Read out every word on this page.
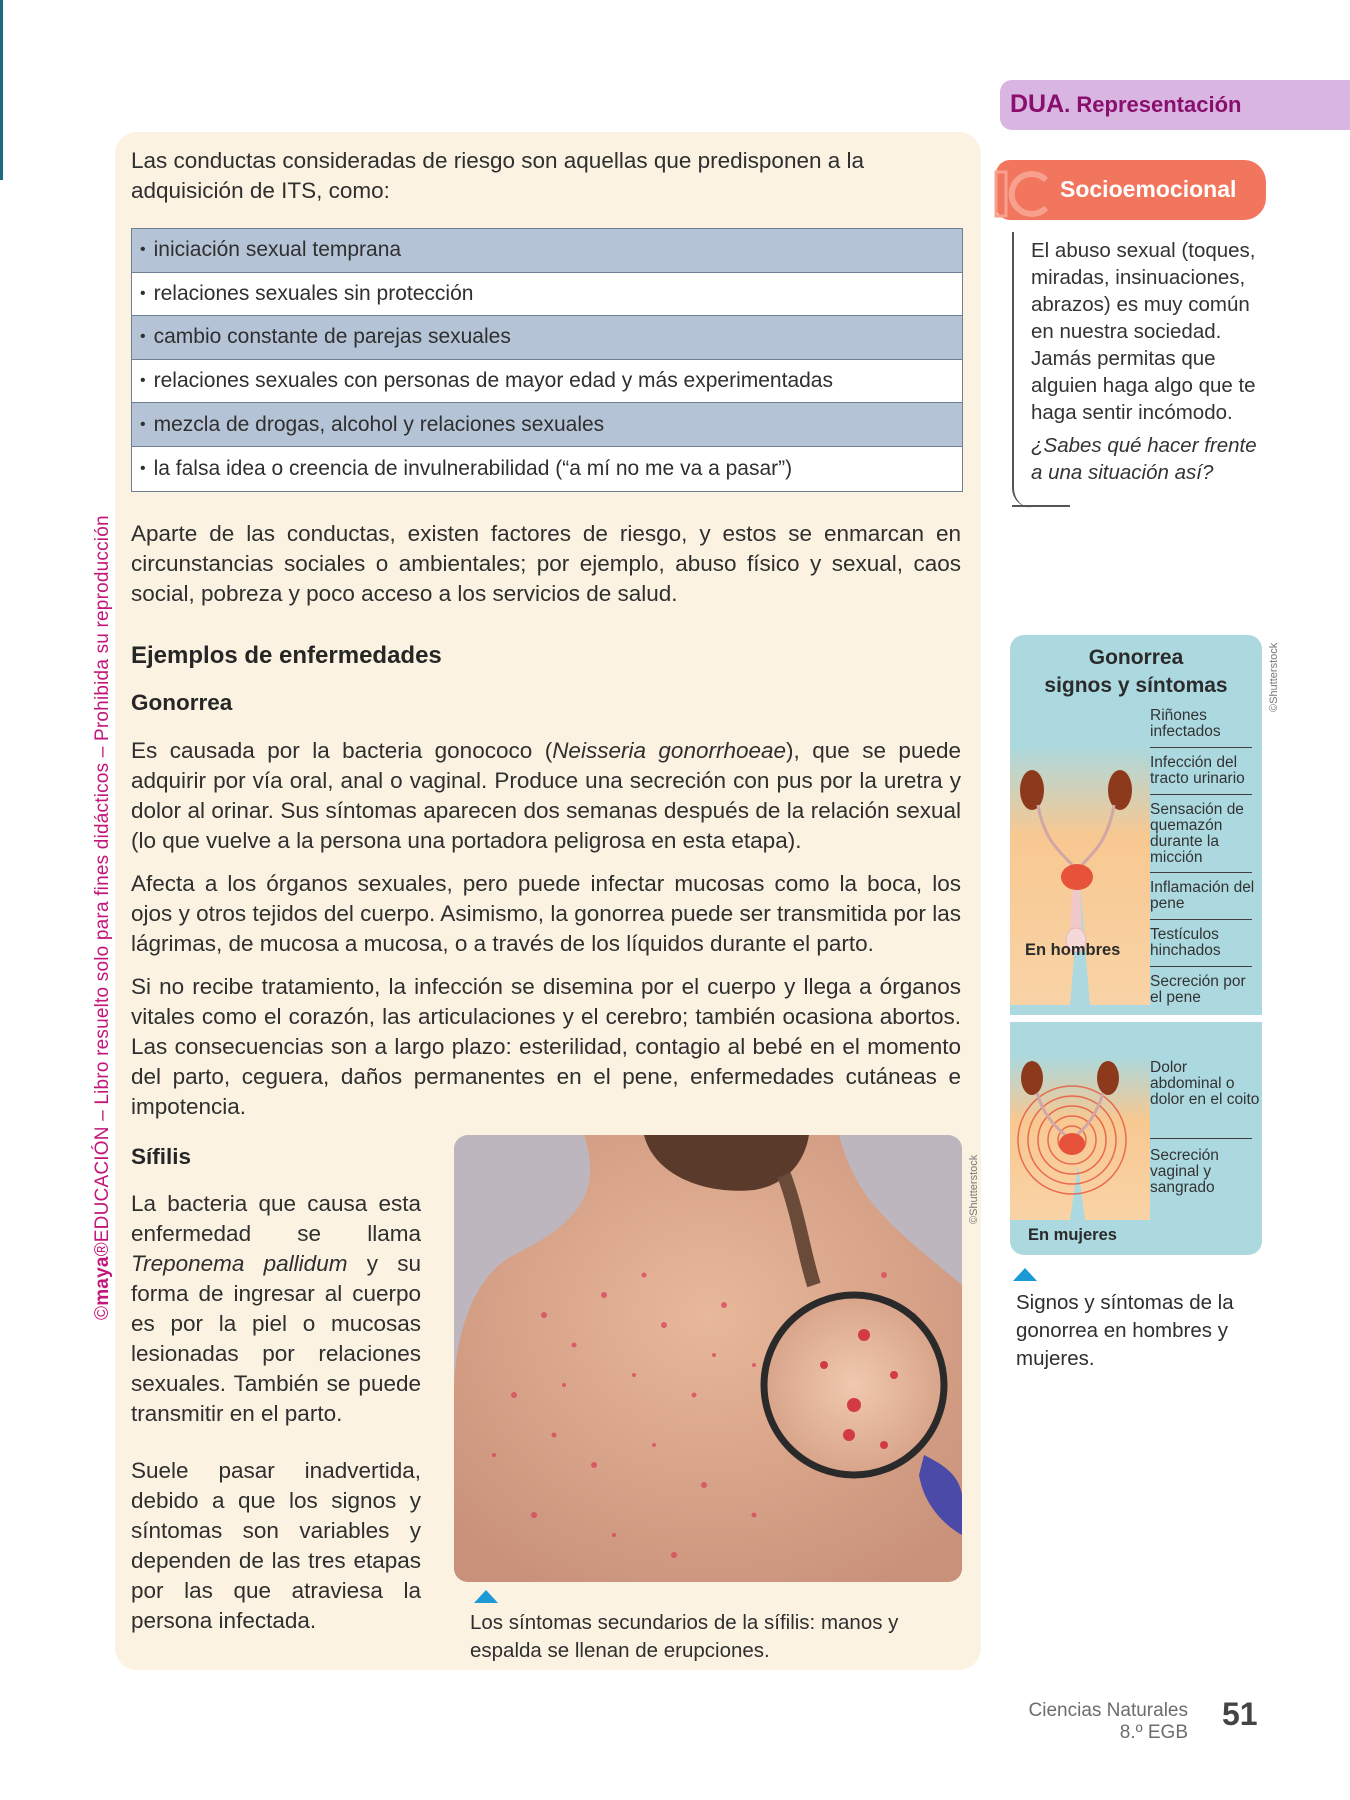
©maya®EDUCACIÓN – Libro resuelto solo para fines didácticos – Prohibida su reproducción

Las conductas consideradas de riesgo son aquellas que predisponen a la adquisición de ITS, como:

• iniciación sexual temprana
• relaciones sexuales sin protección
• cambio constante de parejas sexuales
• relaciones sexuales con personas de mayor edad y más experimentadas
• mezcla de drogas, alcohol y relaciones sexuales
• la falsa idea o creencia de invulnerabilidad (“a mí no me va a pasar”)

Aparte de las conductas, existen factores de riesgo, y estos se enmarcan en circunstancias sociales o ambientales; por ejemplo, abuso físico y sexual, caos social, pobreza y poco acceso a los servicios de salud.

Ejemplos de enfermedades
Gonorrea

Es causada por la bacteria gonococo (Neisseria gonorrhoeae), que se puede adquirir por vía oral, anal o vaginal. Produce una secreción con pus por la uretra y dolor al orinar. Sus síntomas aparecen dos semanas después de la relación sexual (lo que vuelve a la persona una portadora peligrosa en esta etapa).

Afecta a los órganos sexuales, pero puede infectar mucosas como la boca, los ojos y otros tejidos del cuerpo. Asimismo, la gonorrea puede ser transmitida por las lágrimas, de mucosa a mucosa, o a través de los líquidos durante el parto.

Si no recibe tratamiento, la infección se disemina por el cuerpo y llega a órganos vitales como el corazón, las articulaciones y el cerebro; también ocasiona abortos. Las consecuencias son a largo plazo: esterilidad, contagio al bebé en el momento del parto, ceguera, daños permanentes en el pene, enfermedades cutáneas e impotencia.

Sífilis

La bacteria que causa esta enfermedad se llama Treponema pallidum y su forma de ingresar al cuerpo es por la piel o mucosas lesionadas por relaciones sexuales. También se puede transmitir en el parto.

Suele pasar inadvertida, debido a que los signos y síntomas son variables y dependen de las tres etapas por las que atraviesa la persona infectada.

©Shutterstock
Los síntomas secundarios de la sífilis: manos y espalda se llenan de erupciones.
DUA. Representación
Socioemocional
El abuso sexual (toques, miradas, insinuaciones, abrazos) es muy común en nuestra sociedad. Jamás permitas que alguien haga algo que te haga sentir incómodo.
¿Sabes qué hacer frente a una situación así?
Gonorrea
signos y síntomas	©Shutterstock
En hombres
En mujeres
Riñones infectados
Infección del tracto urinario
Sensación de quemazón durante la micción
Inflamación del pene
Testículos hinchados
Secreción por el pene
Dolor abdominal o dolor en el coito
Secreción vaginal y sangrado
Signos y síntomas de la gonorrea en hombres y mujeres.
Ciencias Naturales
8.º EGB
51
